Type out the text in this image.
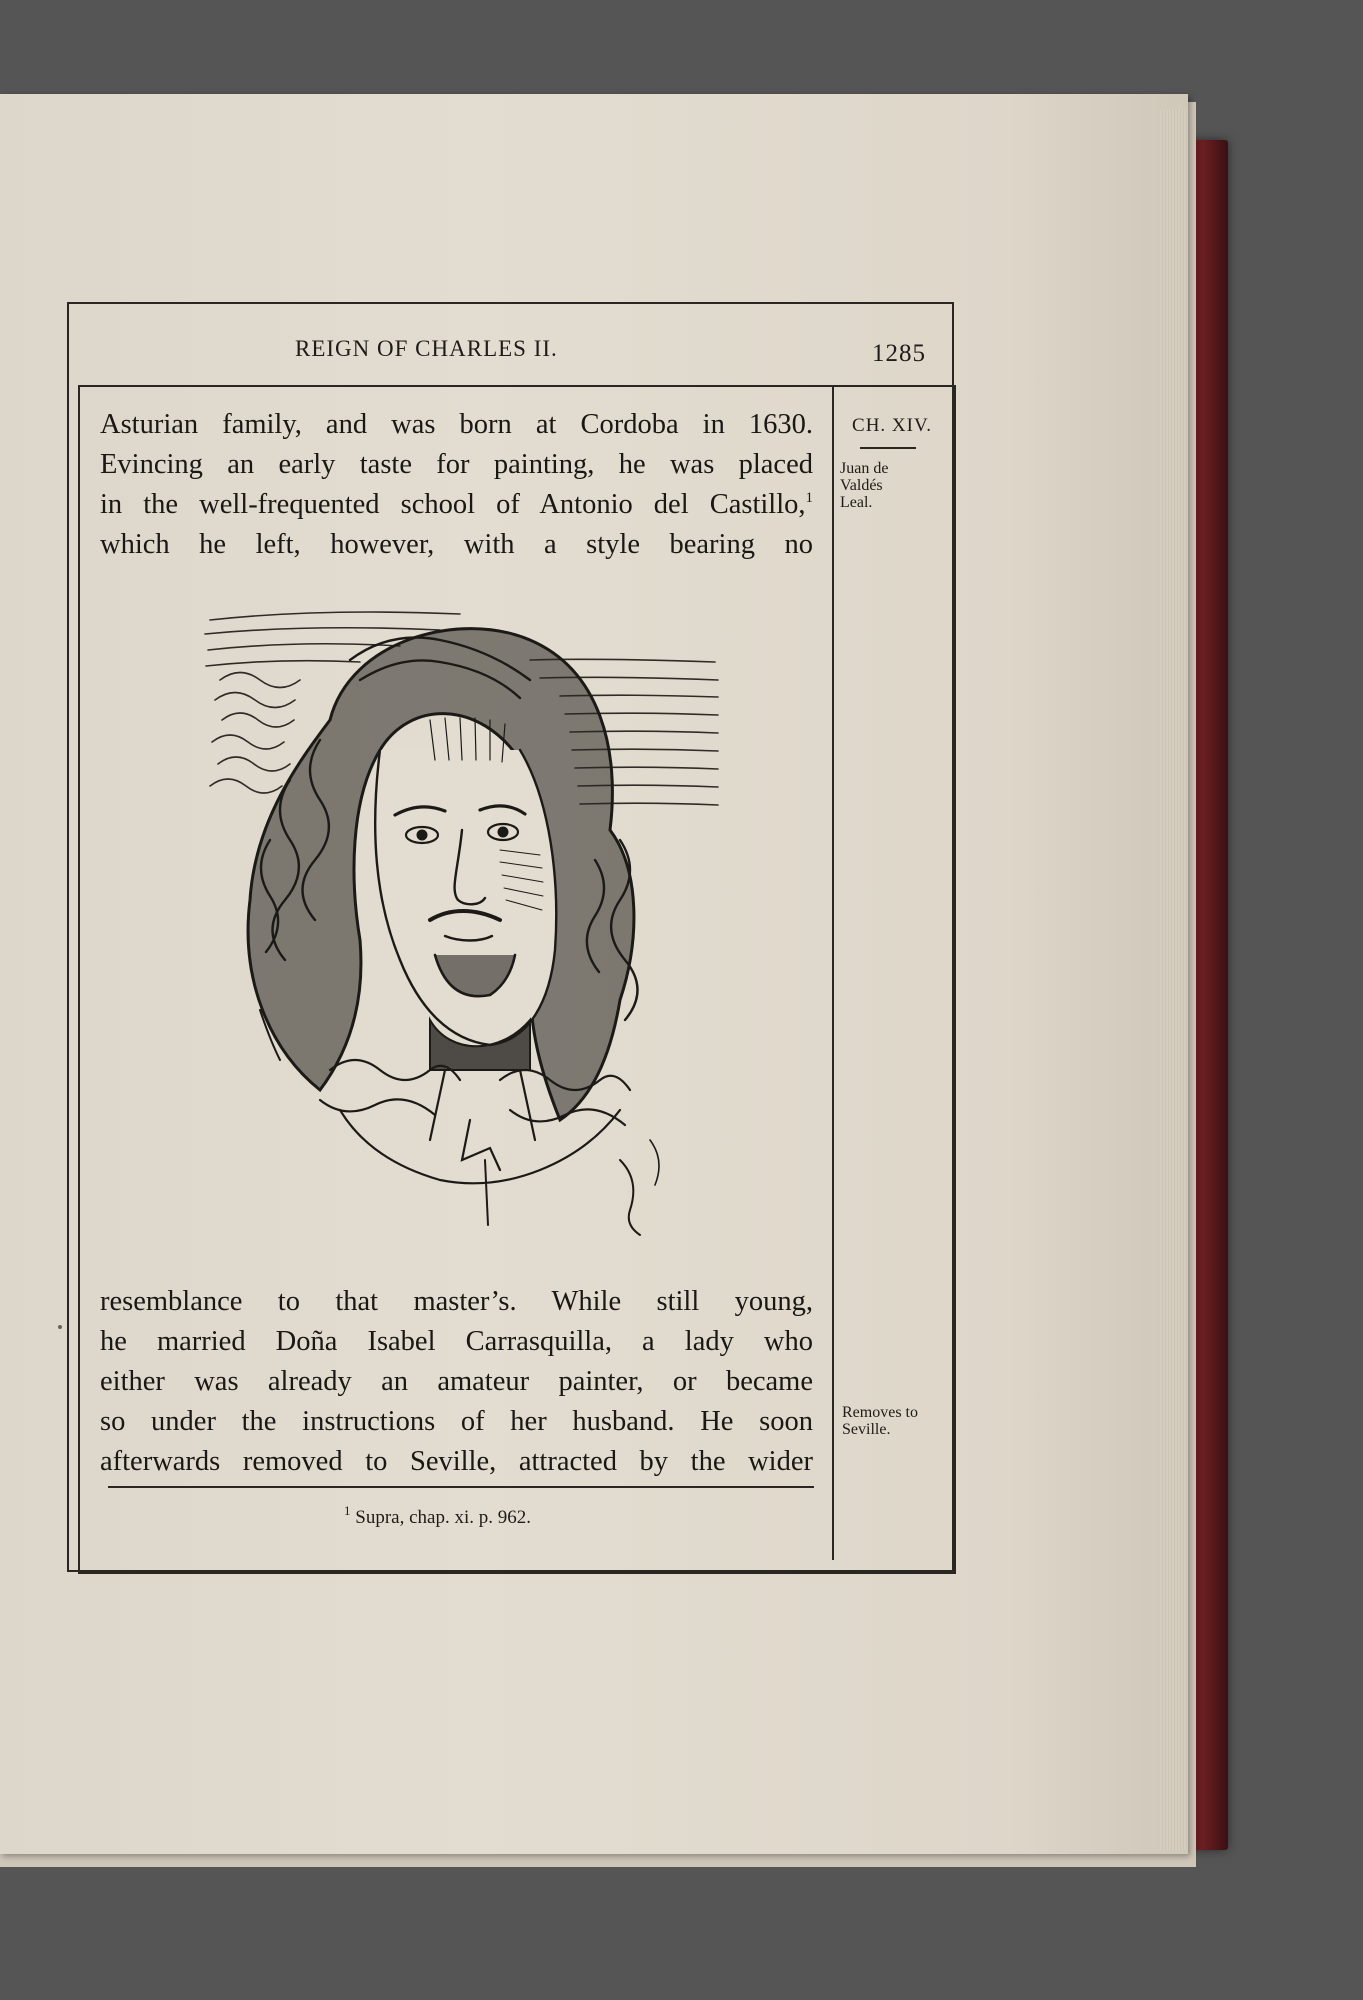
REIGN OF CHARLES II.	1285
CH. XIV.
Juan de
Valdés
Leal.
Removes to
Seville.
Asturian family, and was born at Cordoba in 1630.
Evincing an early taste for painting, he was placed
in the well-frequented school of Antonio del Castillo,$^1$
which he left, however, with a style bearing no
resemblance to that master’s. While still young,
he married Doña Isabel Carrasquilla, a lady who
either was already an amateur painter, or became
so under the instructions of her husband. He soon
afterwards removed to Seville, attracted by the wider
$^1$ Supra, chap. xi. p. 962.
